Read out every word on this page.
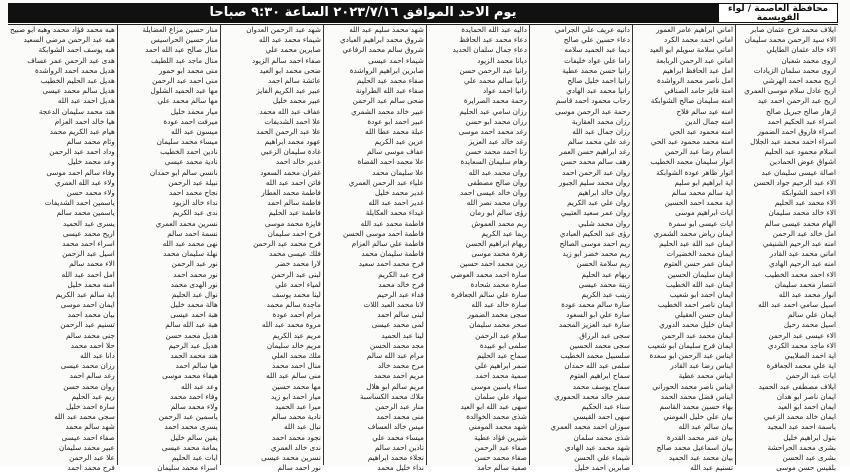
محافظة العاصمة / لواء القويسمة
يوم الاحد الموافق ٢٠٢٣/٧/١٦ الساعة ٩:٣٠ صباحا
ايلاف محمد فرج عثمان صابر
الاء سيد الرحمن محمد سليمان
الاء خالد عثمان الطايلي
اروى محمد شعبان
اروى محمد سلمان الزيادات
اريح محمد احمد الهرشي
اريح عادل سلام موسى العمري
اريح عبد الرحمن احمد عيد
ازهار صالح جبريل صالح
اسراء عبد الحكيم احمد
اسراء فاروق احمد الضمور
اسراء احمد محمد عبد الجلال
اسلام محمود عبد الحليم
اشواق عوض الحمادين
اصالة عيسى سليمان عبد
الاء عبد الرحيم جواد الحسن
الاء احمد الشوابكة
الاء محمد عبد الحليم
الاء خالد محمد سليمان
الهام محمد عيسى سالم
امل خالد عبد الرحمن
امنه عبد الرحيم الشنيفي
اماني محمد عبد القادر
امنه عبد الرحيم الهادي
الاء احمد محمد الخطيب
انتصار محمد سليمان
انوار محمد عبد الله
اسيل سامي احمد عبد الله
ايمان علي سالم
اسيل محمد رحيل
الاء عيسى عبد الرحمن
الاء ماجد محمد الكردي
اية احمد الصلايبي
اية علي محمد الجعافرة
ايات عبد الرحمن
ايلاف مصطفى عبد الحميد
ايمان ناصر ابو هدان
ايمان احمد ابو العيد
ايمان خالد محمد الزعبي
باسمة احمد عبد المجيد
بتول ابراهيم خليل
بشرى محمد الحراحشة
بشرى عبد الحسن
بلقيس حسن موسى
اماني ابراهيم عامر العمور
اماني احمد محمد الكرد
اماني سلامة سويلم ابو العيد
اماني عبد الرحمن الربابعة
امل عبد الحافظ ابراهيم
امل ناصر محمد الرواشدة
امنة فايز حامد الصنافي
امنه سليمان صالح الشوابكة
امنه عيد سالم فلاح
امنه جمال الدين
امنه محمود عبد الحي
امنه محمد محمود عبد الحي
انسام رضا عبد الرحمن
انوار سليمان محمد الخطيب
انوار ظاهر عودة الشوابكة
اية ابراهيم ابو سليم
اية سالم محمد سالم
اية محمد احمد الحسين
ايات ابراهيم موسى
ايات عيسى ابو سمرة
ايمان رياض محمد الشمري
ايمان عبد الله عبد الحليم
ايمان محمد الخضيرات
ايمان عمر حسن العتوم
ايمان سليمان الحسين
ايمان عبد الله الخطيب
ايمان احمد ابو شعيب
ايمان ناصر احمد الخطيب
ايمان حسن العقيلي
ايمان خليل محمد الدوري
ايمان محمد عبد الرحمن
ايمان فرج سليمان ابو شعيب
ايناس عبد الرحمن ابو سعدة
ايناس رضا عبد القادر
ايناس محمد عطية
ايناس ناصر محمد الحوراني
ايناس فضل محمد الحمد
بهاء حسين محمد القاسم
بيان علي خليل المومني
بيان سالم عبد الله
بيان عمر محمد القدرة
بيان اسماعيل محمد صالح
بيان محمد عبد الحميد
تسنيم عبد الله
دانيه عريف علي الجرامي
دعاء حسين علي صالح
ديما عبد الحميد سلامه
راما علي عواد خليفات
رانيا حسن محمد عطية
رانيا احمد خليل صالح
رانيا محمد عبد الهادي
رحاب محمود احمد قاسم
رحمة عبد الرحمن موسى
رزان محمد العقاربة
رزان جمال عبد الله
رغد علي محمد سالم
رغد ابراهيم حسن العمر
رهف سالم محمد حسن
روان عبد الرحمن احمد
روان محمد سليم الجبور
روان خالد ابراهيم
روان علي عبد الكريم
روان عمر سعيد العتيبي
روان محمد شلبي
رؤى عبد الحكيم العبادي
ريم احمد موسى الصالح
ريم محمد خضر ابو زيد
ريم سلامة الحسن
ريهام عبد الحليم
زينة محمد عيسى
زينب عبد الكريم
سارة سالم محمد عودة
سارة علي ابو السعود
سارة عبد العزيز المحمد
سجى عبد الرزاق
سجى محمد الحسين
سلسبيل محمد الخطيب
سلمى عبد الله حمدان
سماح ابراهيم العتوم
سماح يوسف محمد
سمر خالد محمد الحموري
سناء عبد الحكيم
سهى احمد القيسي
سوزان احمد محمد العمري
شذى محمد سلمان
شهد محمد عبد الهادي
شيماء علي الحسن
صابرين احمد خليل
داليه عبد الله الحمايدة
دعاء محمد عبد الحافظ
دعاء جمال سلمان الحديد
ديانا محمد الزيود
رانيا عبد الرحمن حسن
رانيا سالم محمد علي
رانيا احمد عواد
رحمة محمد الصرايرة
رزان سامي عبد الحليم
رزان محمد ابو حسن
رغد محمد احمد موسى
رغد خالد عبد العزيز
رنا احمد محمد حسن
رهام سليمان السعايدة
روان محمد عبد الله
روان صالح مصطفى
روان خالد عيسى احمد
روان محمد نصر الله
رؤى سالم ابو رمان
ريم محمد العموش
ريما عبد الكريم
ريهام ابراهيم الحسن
زهرة محمد موسى
زين محمد احمد حسين
سارة احمد محمد العوضي
سارة محمد شحادة
سارة علي سالم الجعافرة
سارة خالد عبد الله
سجى محمد الضمور
سحر محمد سليمان
سلام عبد الرحمن
سلمى ابو عبيدة
سماح عبد الحليم
سمر ابراهيم علي
سمية محمد احمد
سناء ياسين موسى
سهاد علي سلمان
سهى عبد الله ابو العيد
شذى محمد الخوالدة
شهد محمد المومني
شيرين فؤاد عطية
صفاء عبد الرحمن
صفاء محمد حسن
صفية سالم حامد
شهد محمد سليم عبد الله
شروق محمد ابراهيم العبادي
شروق سالم محمد الرفاعي
شيماء احمد عيسى
صابرين ابراهيم الرواشدة
صفاء محمد عبد الحليم
صفاء عبد الله الطراونة
ضحى سالم عبد الرحمن
عبير خالد محمد الشمري
عبير احمد ابو عودة
عبلة محمد عطا الله
عرين عبد الكريم
عفاف موسى سالم
علا محمد احمد القضاة
علا سليمان محمد
علياء عبد الرحمن العمري
غدير محمد خليل
غدير احمد عبد الله
غيداء محمد العكايلة
فاطمة محمد عبد الله
فاطمة احمد موسى الحسن
فاطمة علي سالم العزام
فاطمة سليمان محمد
فرح محمد احمد سعيد
فرح عبد الكريم
فرح خالد محمد
فداء عبد الرحيم
لانا محمد العبد اللات
لبنى سالم احمد
لمى محمد عيسى
لينا عبد الحميد
مجد محمد الحسن
مرام عبد الله سالم
مرح محمد خالد
مريم احمد محمد
مريم سالم ابو هلال
ملاك محمد الكساسبة
منار عبد الرحمن
منى محمد احمد
ميس خالد العساف
ميساء محمد علي
نادين احمد سالم
نجلاء محمد ابراهيم
نداء خليل محمد
شهد عبد الرحمن العدوان
شيماء محمد عبد الله
صابرين محمد علي
صفاء احمد سالم الزيود
ضحى محمد ابو العيد
عائشة سالم احمد
عبير عبد الكريم الفايز
عبير محمد خليل
عفاف عبد الله محمد
علا احمد الشديفات
علا عبد الرحمن الحمد
عهود محمد ابراهيم
غادة سليمان الزعبي
غدير خالد احمد
غفران محمد السعود
فاتن احمد عبد الله
فاطمة محمد العطار
فاطمة سالم احمد
فاطمة عبد الحليم
فايزة محمد موسى
فرح احمد سليمان
فرح محمد عبد الرحمن
فلك عيسى محمد
لارا محمد خضر
لبنى عبد الرحمن
لمياء احمد علي
لينا محمد يوسف
ماجدة سالم محمد
مرام احمد عودة
مروة محمد عبد الله
مريم عبد الكريم
مريم خالد سليمان
ملك محمد العلي
منال احمد محمد
منى سالم عبد الله
مها محمد حسين
ميار احمد ابو زيد
ميرا عبد الحميد
نادية محمد سالم
نبال عبد الله
نجود محمد احمد
ندى خالد العمري
نسرين محمد عيسى
نور احمد سالم
منار حسين مزاع العضايلة
منار حسين الحراسيس
منال صالح عبد الله احمد
منال ماجد عبد اللطيف
منى محمد ابو حمور
منى احمد عبد الرحمن
مها عبد الحميد الشلول
مها سالم محمد علي
ميار محمد خليل
ميرفت احمد عودة
ميسون عبد الله
ميساء محمد سليمان
نادين احمد الخطيب
نادية محمد عيسى
نانسي سالم ابو حمدان
نبيلة عبد الرحمن
نجاح محمد احمد
نداء خالد الزيود
ندى عبد الكريم
نسرين محمد العمري
نسمة احمد سالم
نهى محمد عبد الله
نهلة سليمان محمد
نور عبد الرحمن
نور محمد احمد
نور الهدى محمد
نوال عبد الحليم
هالة محمد خليل
هبة احمد عيسى
هبة عبد الله سالم
هديل محمد حسن
هديل عبد الرحيم
هند محمد الحمد
هيا سالم احمد
هيفاء محمد موسى
وعد عبد الله
وفاء احمد محمد
ولاء محمد سالم
ياسمين عبد الرحمن
يسرى محمد احمد
يقين سالم خليل
يمامة محمد عيسى
ايات عبد الحليم
اسراء محمد سليمان
هبه محمد فؤاد محمد وهبه ابو صبيح
هبه عبد الرحمن مرضي السعيد
هبه يوسف احمد الشوابكة
هدى عبد الرحمن عمر عساف
هديل محمد احمد الرواشدة
هديل عبد الحليم الخطيب
هديل سالم محمد عيسى
هديل احمد عبد الله
هند محمد سليمان الدعجة
هيا خالد احمد العزام
هيام عبد الكريم محمد
وئام محمد سالم
وداد احمد عبد الرحمن
وعد محمد خليل
وفاء سالم احمد موسى
ولاء عبد الله العمري
ولاء محمد حسن
ياسمين احمد الشديفات
ياسمين محمد سالم
يسرى عبد الحميد
اريح محمد عيسى
اسراء احمد محمد
اسيل عبد الرحمن
الاء محمد سالم
امل احمد عبد الله
امنه محمد خليل
اية سالم عبد الكريم
ايمان احمد موسى
بيان محمد احمد
تسنيم عبد الرحمن
جنى محمد سالم
حلا احمد محمد
دانا عبد الله
رزان محمد عيسى
رغد سالم احمد
روان محمد حسن
ريم عبد الحليم
سارة احمد خليل
سجى محمد عبد الله
شهد سالم محمد
صفاء احمد عيسى
عبير محمد سليمان
علا عبد الرحمن
فرح محمد احمد
